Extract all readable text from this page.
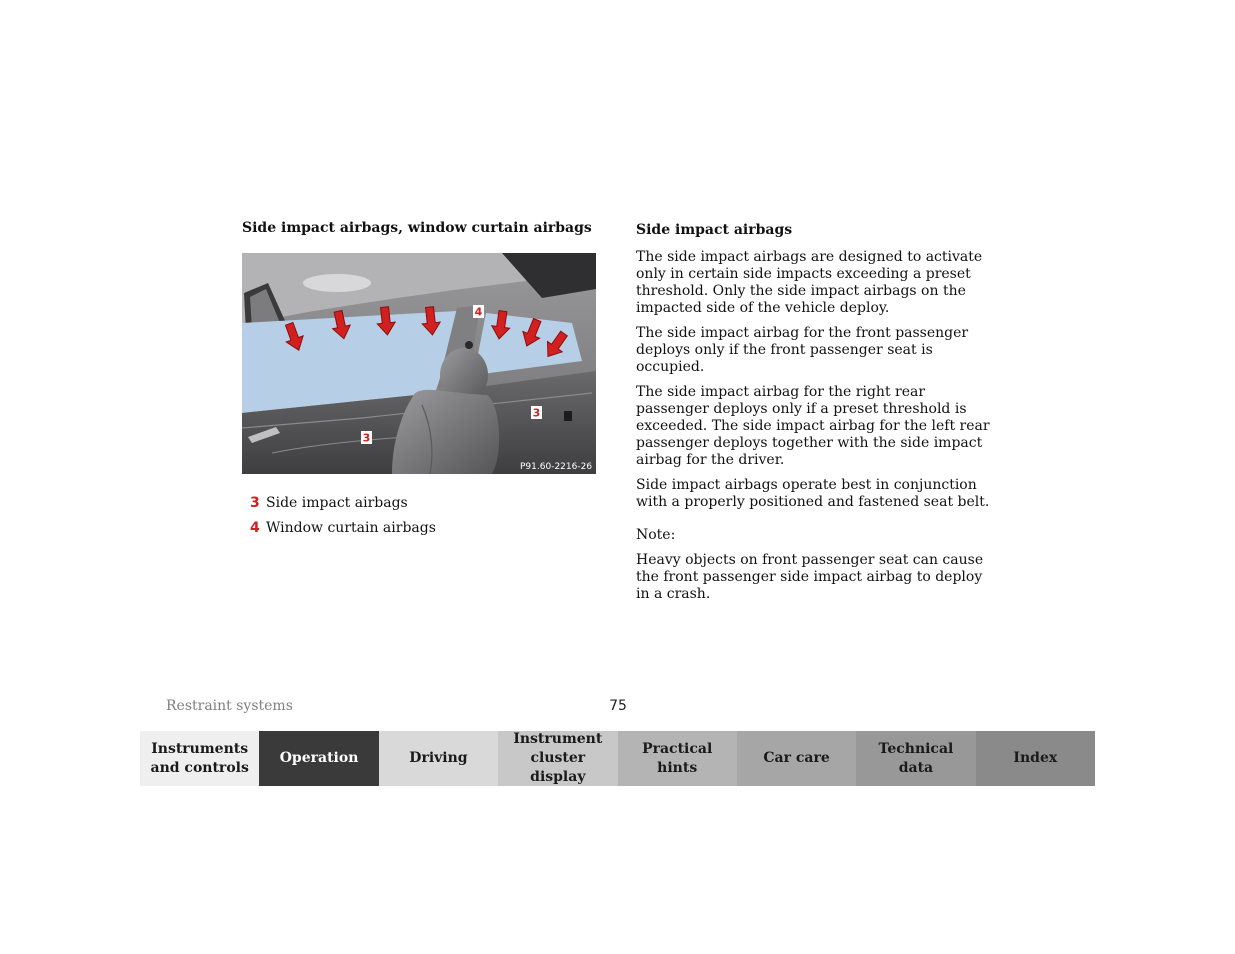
Side impact airbags, window curtain airbags
4
3
3
P91.60-2216-26
3 Side impact airbags
4 Window curtain airbags
Side impact airbags

The side impact airbags are designed to activate only in certain side impacts exceeding a preset threshold. Only the side impact airbags on the impacted side of the vehicle deploy.

The side impact airbag for the front passenger deploys only if the front passenger seat is occupied.

The side impact airbag for the right rear passenger deploys only if a preset threshold is exceeded. The side impact airbag for the left rear passenger deploys together with the side impact airbag for the driver.

Side impact airbags operate best in conjunction with a properly positioned and fastened seat belt.

Note:

Heavy objects on front passenger seat can cause the front passenger side impact airbag to deploy in a crash.

Restraint systems	75
Instruments
and controls
Operation	Driving
Instrument
cluster display
Practical hints
Car care
Technical
data
Index
